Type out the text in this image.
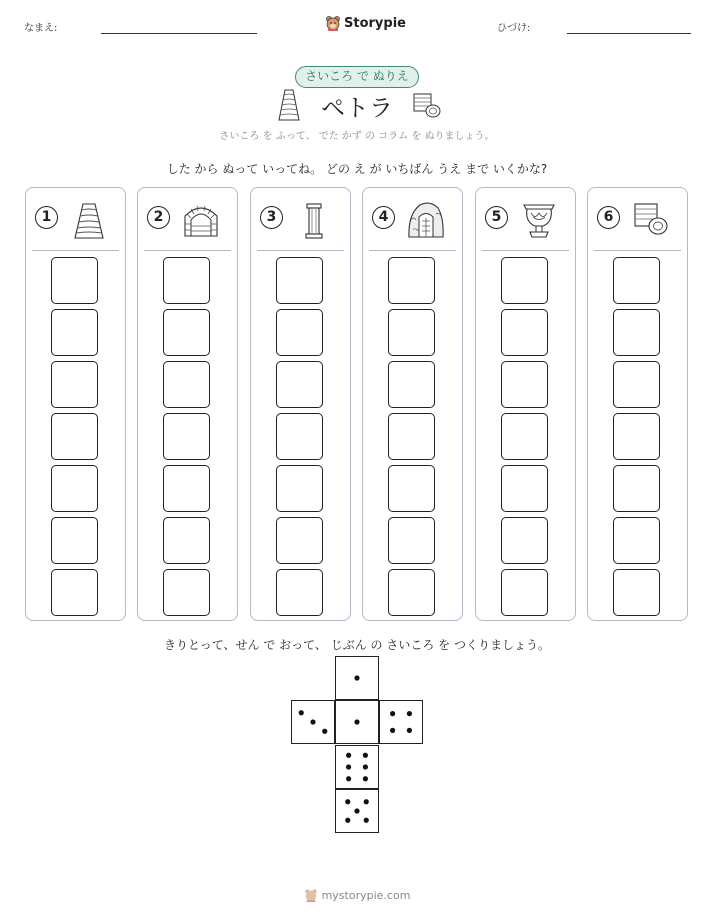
なまえ:	Storypie	ひづけ:
さいころ で ぬりえ
ペトラ
さいころ を ふって、 でた かず の コラム を ぬりましょう。
した から ぬって いってね。 どの え が いちばん うえ まで いくかな?
1	2	3	4	5	6
きりとって、せん で おって、 じぶん の さいころ を つくりましょう。
mystorypie.com
